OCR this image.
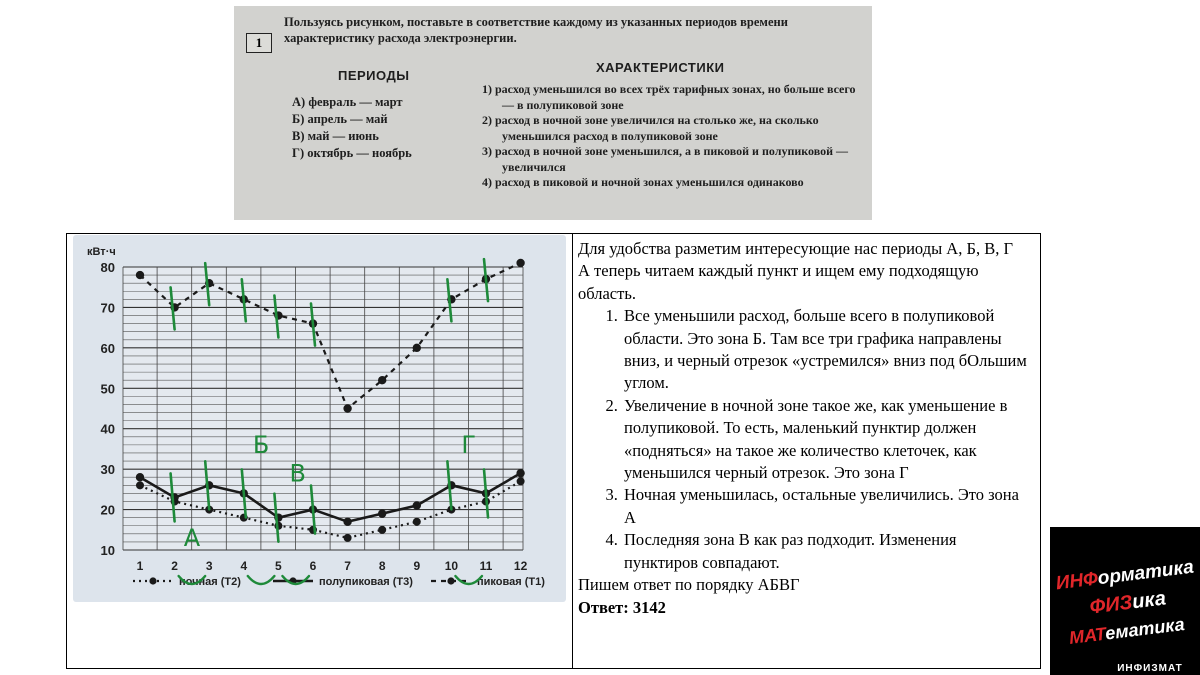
1
Пользуясь рисунком, поставьте в соответствие каждому из указанных периодов времени характеристику расхода электроэнергии.
ПЕРИОДЫ
ХАРАКТЕРИСТИКИ
А) февраль — март
Б) апрель — май
В) май — июнь
Г) октябрь — ноябрь
1) расход уменьшился во всех трёх тарифных зонах, но больше всего — в полупиковой зоне
2) расход в ночной зоне увеличился на столько же, на сколько уменьшился расход в полупиковой зоне
3) расход в ночной зоне уменьшился, а в пиковой и полупиковой — увеличился
4) расход в пиковой и ночной зонах уменьшился одинаково
10
20
30
40
50
60
70
80
кВт·ч
1 2 3 4 5 6 7 8 9 10 11 12
ночная (Т2)	полупиковая (Т3)	пиковая (Т1)
А
Б
В
Г

Для удобства разметим интересующие нас периоды А, Б, В, Г

А теперь читаем каждый пункт и ищем ему подходящую область.

1. Все уменьшили расход, больше всего в полупиковой области. Это зона Б. Там все три графика направлены вниз, и черный отрезок «устремился» вниз под бОльшим углом.
2. Увеличение в ночной зоне такое же, как уменьшение в полупиковой. То есть, маленький пунктир должен «подняться» на такое же количество клеточек, как уменьшился черный отрезок. Это зона Г
3. Ночная уменьшилась, остальные увеличились. Это зона А
4. Последняя зона В как раз подходит. Изменения пунктиров совпадают.

Пишем ответ по порядку АБВГ

Ответ: 3142

ИНФорматика
ФИЗика
МАТематика
ИНФИЗМАТ
